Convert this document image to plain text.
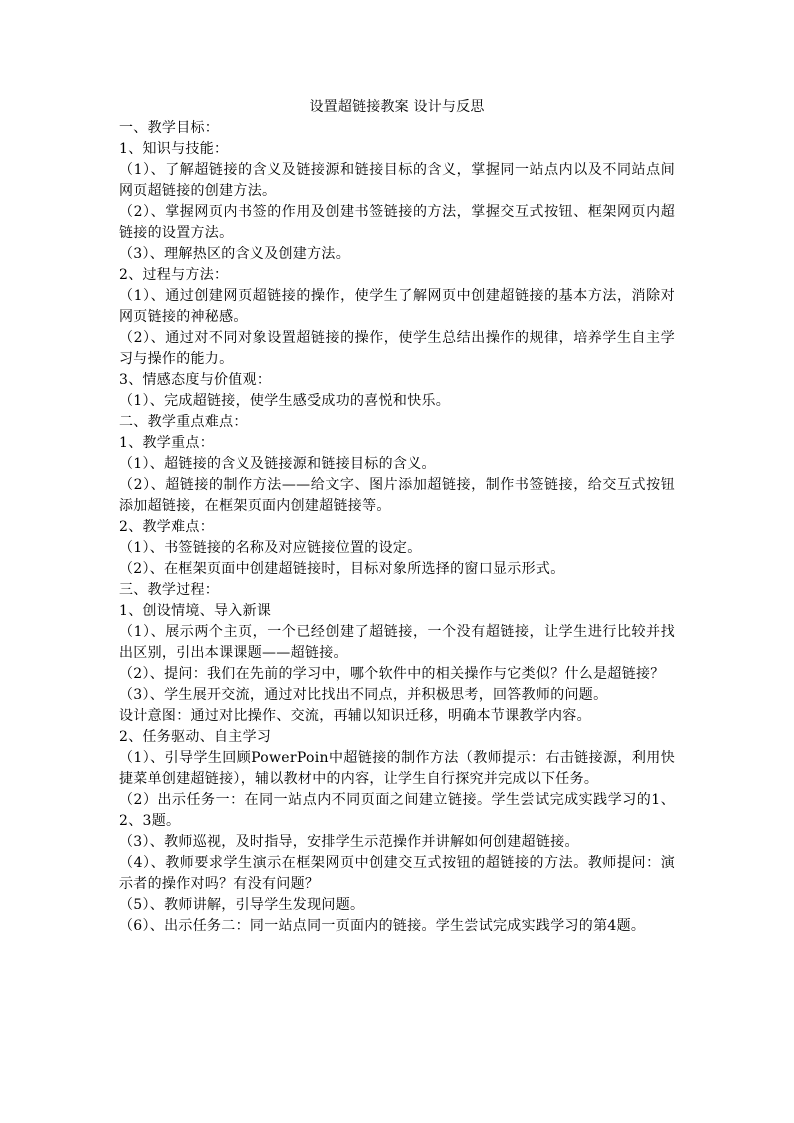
设置超链接教案 设计与反思

一、教学目标：

1、知识与技能：

（1）、了解超链接的含义及链接源和链接目标的含义，掌握同一站点内以及不同站点间网页超链接的创建方法。

（2）、掌握网页内书签的作用及创建书签链接的方法，掌握交互式按钮、框架网页内超链接的设置方法。

（3）、理解热区的含义及创建方法。

2、过程与方法：

（1）、通过创建网页超链接的操作，使学生了解网页中创建超链接的基本方法，消除对网页链接的神秘感。

（2）、通过对不同对象设置超链接的操作，使学生总结出操作的规律，培养学生自主学习与操作的能力。

3、情感态度与价值观：

（1）、完成超链接，使学生感受成功的喜悦和快乐。

二、教学重点难点：

1、教学重点：

（1）、超链接的含义及链接源和链接目标的含义。

（2）、超链接的制作方法——给文字、图片添加超链接，制作书签链接，给交互式按钮添加超链接，在框架页面内创建超链接等。

2、教学难点：

（1）、书签链接的名称及对应链接位置的设定。

（2）、在框架页面中创建超链接时，目标对象所选择的窗口显示形式。

三、教学过程：

1、创设情境、导入新课

（1）、展示两个主页，一个已经创建了超链接，一个没有超链接，让学生进行比较并找出区别，引出本课课题——超链接。

（2）、提问：我们在先前的学习中，哪个软件中的相关操作与它类似？什么是超链接？

（3）、学生展开交流，通过对比找出不同点，并积极思考，回答教师的问题。

设计意图：通过对比操作、交流，再辅以知识迁移，明确本节课教学内容。

2、任务驱动、自主学习

（1）、引导学生回顾PowerPoin中超链接的制作方法（教师提示：右击链接源，利用快捷菜单创建超链接），辅以教材中的内容，让学生自行探究并完成以下任务。

（2）出示任务一：在同一站点内不同页面之间建立链接。学生尝试完成实践学习的1、2、3题。

（3）、教师巡视，及时指导，安排学生示范操作并讲解如何创建超链接。

（4）、教师要求学生演示在框架网页中创建交互式按钮的超链接的方法。教师提问：演示者的操作对吗？有没有问题？

（5）、教师讲解，引导学生发现问题。

（6）、出示任务二：同一站点同一页面内的链接。学生尝试完成实践学习的第4题。
